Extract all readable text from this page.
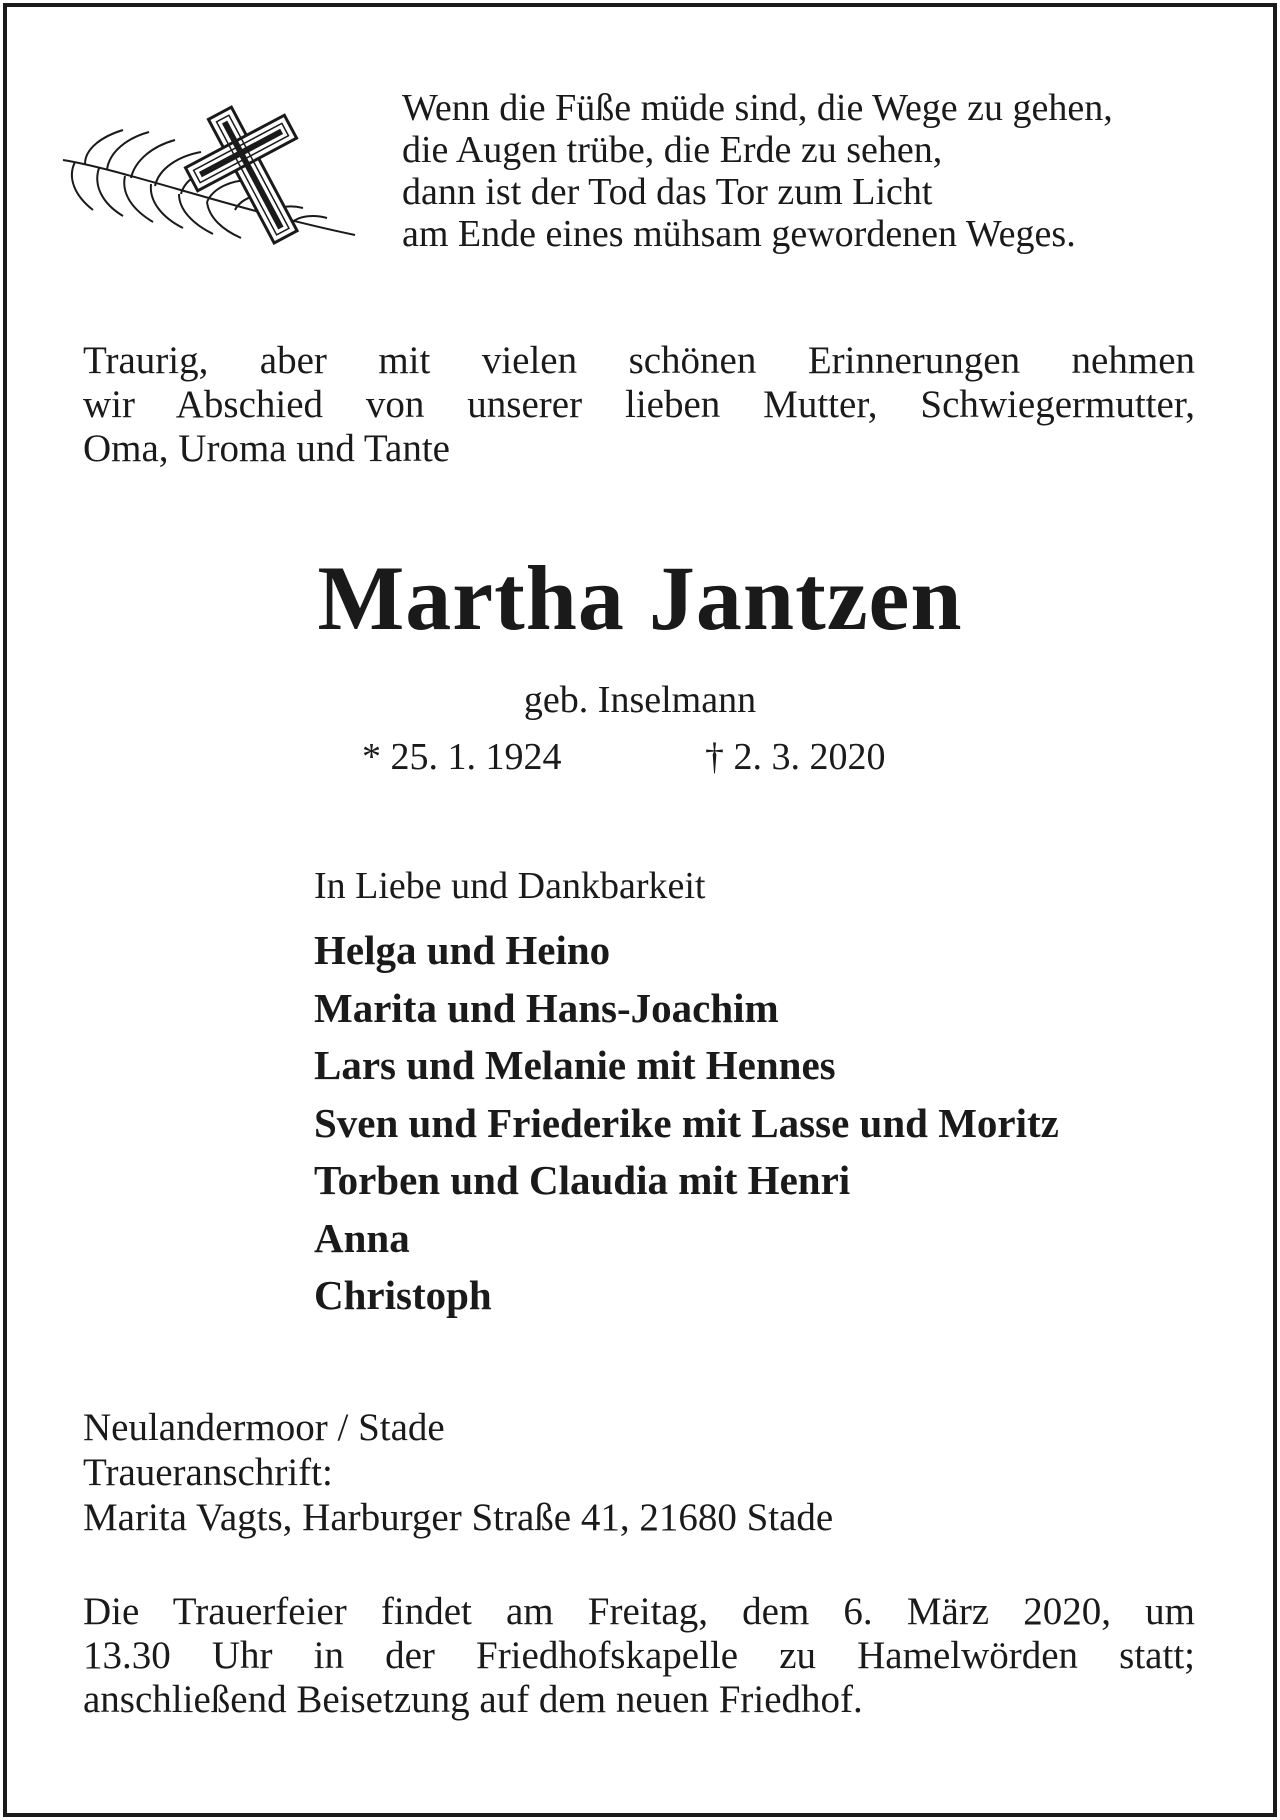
Wenn die Füße müde sind, die Wege zu gehen,
die Augen trübe, die Erde zu sehen,
dann ist der Tod das Tor zum Licht
am Ende eines mühsam gewordenen Weges.
Traurig, aber mit vielen schönen Erinnerungen nehmen
wir Abschied von unserer lieben Mutter, Schwiegermutter,
Oma, Uroma und Tante
Martha Jantzen
geb. Inselmann
* 25. 1. 1924	† 2. 3. 2020
In Liebe und Dankbarkeit
Helga und Heino
Marita und Hans-Joachim
Lars und Melanie mit Hennes
Sven und Friederike mit Lasse und Moritz
Torben und Claudia mit Henri
Anna
Christoph
Neulandermoor / Stade
Traueranschrift:
Marita Vagts, Harburger Straße 41, 21680 Stade
Die Trauerfeier findet am Freitag, dem 6. März 2020, um
13.30 Uhr in der Friedhofskapelle zu Hamelwörden statt;
anschließend Beisetzung auf dem neuen Friedhof.
